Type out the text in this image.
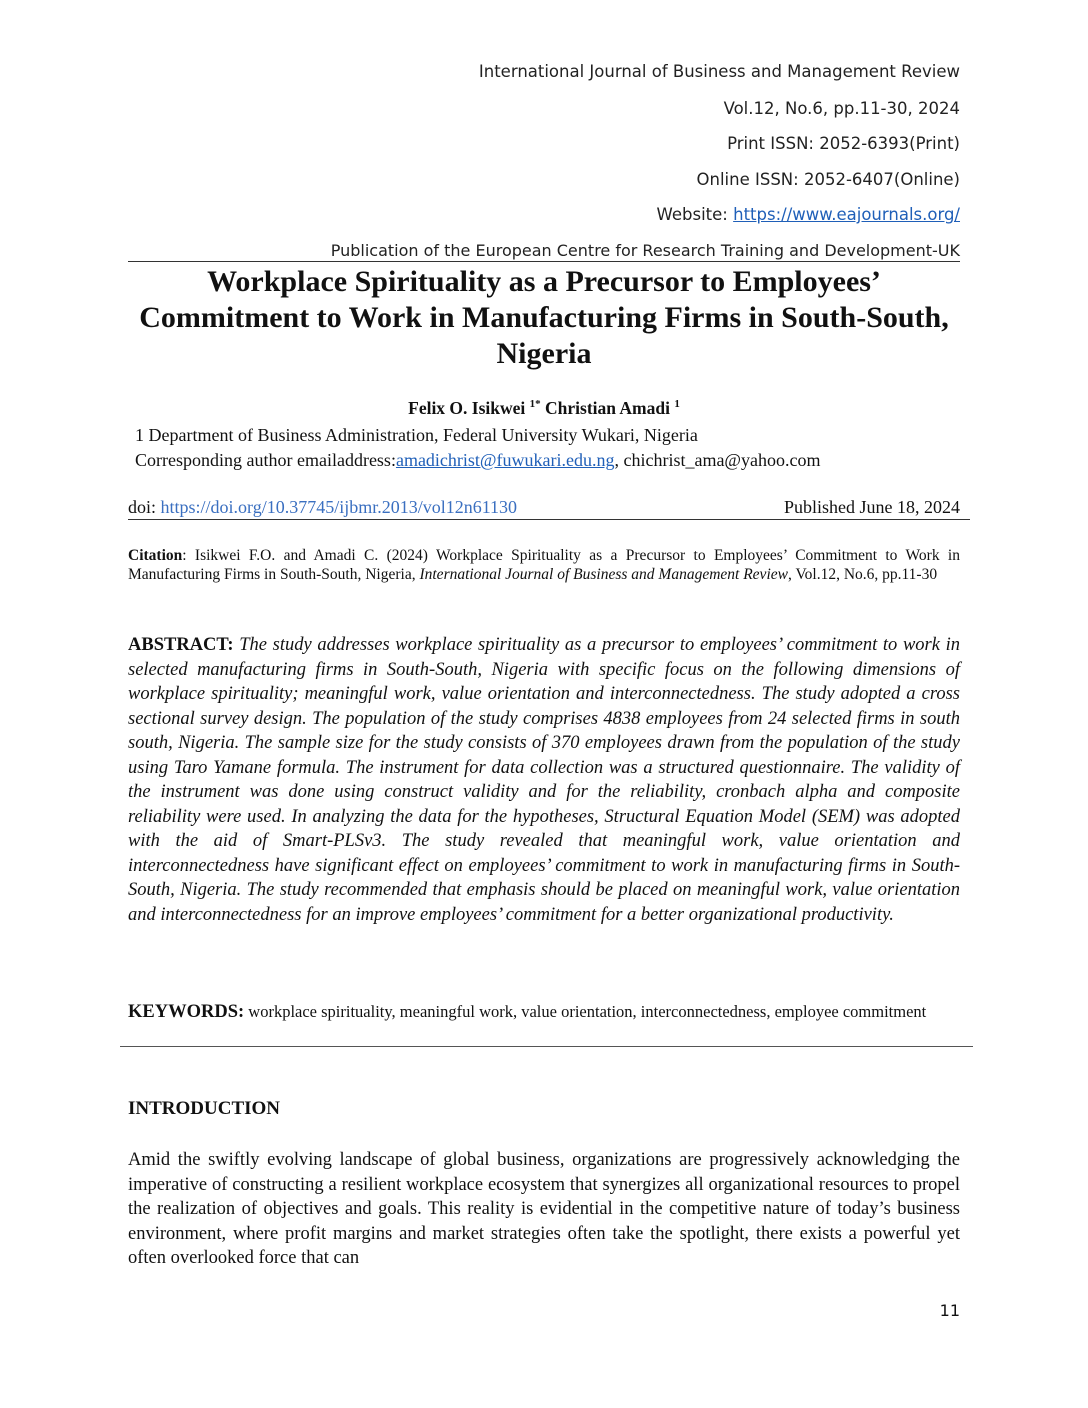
International Journal of Business and Management Review
Vol.12, No.6, pp.11-30, 2024
Print ISSN: 2052-6393(Print)
Online ISSN: 2052-6407(Online)
Website: https://www.eajournals.org/
Publication of the European Centre for Research Training and Development-UK
Workplace Spirituality as a Precursor to Employees’ Commitment to Work in Manufacturing Firms in South-South, Nigeria
Felix O. Isikwei $^{1*}$ Christian Amadi $^1$
1 Department of Business Administration, Federal University Wukari, Nigeria
Corresponding author emailaddress:amadichrist@fuwukari.edu.ng, chichrist_ama@yahoo.com
doi: https://doi.org/10.37745/ijbmr.2013/vol12n61130	Published June 18, 2024
Citation: Isikwei F.O. and Amadi C. (2024) Workplace Spirituality as a Precursor to Employees’ Commitment to Work in Manufacturing Firms in South-South, Nigeria, International Journal of Business and Management Review, Vol.12, No.6, pp.11-30
ABSTRACT: The study addresses workplace spirituality as a precursor to employees’ commitment to work in selected manufacturing firms in South-South, Nigeria with specific focus on the following dimensions of workplace spirituality; meaningful work, value orientation and interconnectedness. The study adopted a cross sectional survey design. The population of the study comprises 4838 employees from 24 selected firms in south south, Nigeria. The sample size for the study consists of 370 employees drawn from the population of the study using Taro Yamane formula. The instrument for data collection was a structured questionnaire. The validity of the instrument was done using construct validity and for the reliability, cronbach alpha and composite reliability were used. In analyzing the data for the hypotheses, Structural Equation Model (SEM) was adopted with the aid of Smart-PLSv3. The study revealed that meaningful work, value orientation and interconnectedness have significant effect on employees’ commitment to work in manufacturing firms in South-South, Nigeria. The study recommended that emphasis should be placed on meaningful work, value orientation and interconnectedness for an improve employees’ commitment for a better organizational productivity.
KEYWORDS: workplace spirituality, meaningful work, value orientation, interconnectedness, employee commitment
INTRODUCTION

Amid the swiftly evolving landscape of global business, organizations are progressively acknowledging the imperative of constructing a resilient workplace ecosystem that synergizes all organizational resources to propel the realization of objectives and goals. This reality is evidential in the competitive nature of today’s business environment, where profit margins and market strategies often take the spotlight, there exists a powerful yet often overlooked force that can

11
